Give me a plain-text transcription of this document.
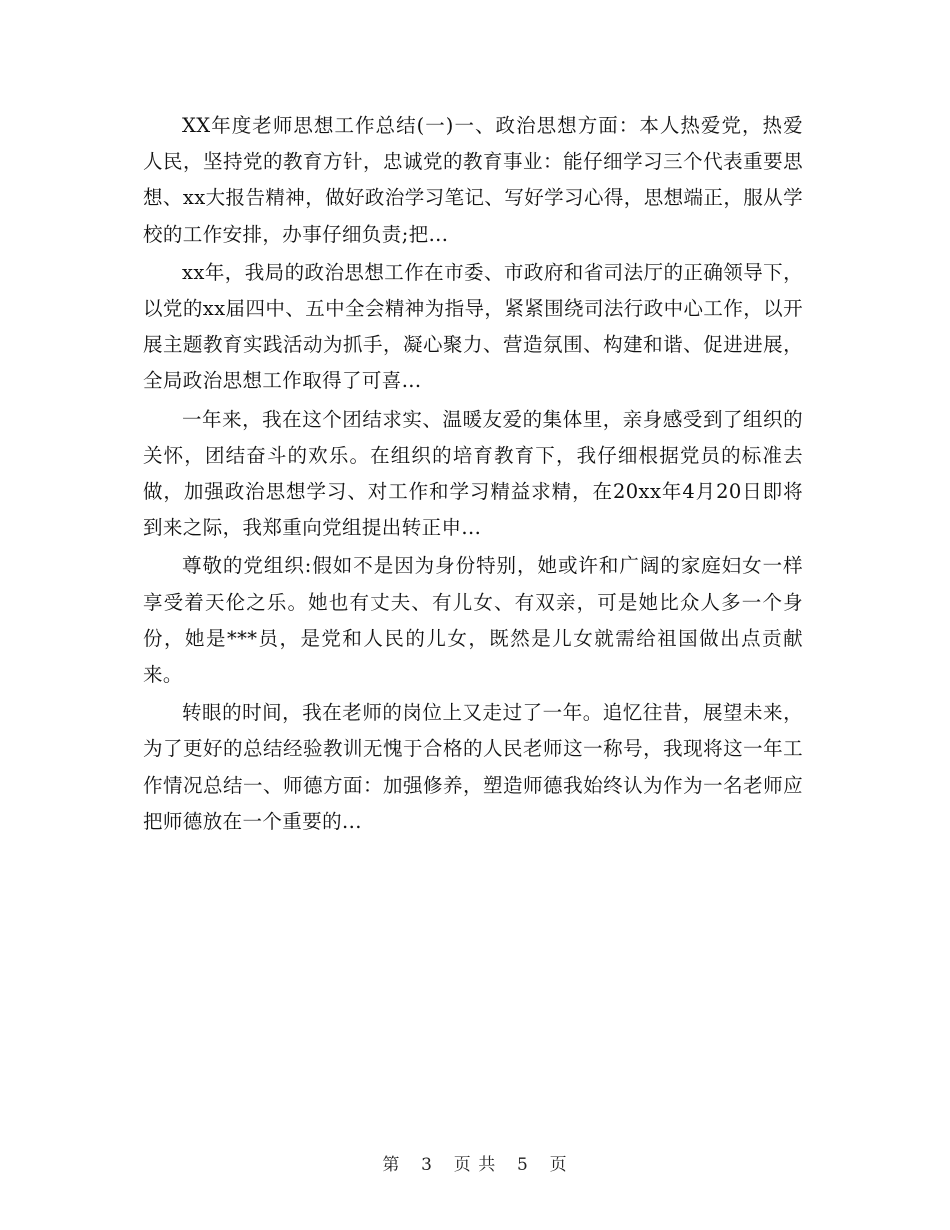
XX年度老师思想工作总结(一)一、政治思想方面：本人热爱党，热爱人民，坚持党的教育方针，忠诚党的教育事业：能仔细学习三个代表重要思想、xx大报告精神，做好政治学习笔记、写好学习心得，思想端正，服从学校的工作安排，办事仔细负责;把...

xx年，我局的政治思想工作在市委、市政府和省司法厅的正确领导下，以党的xx届四中、五中全会精神为指导，紧紧围绕司法行政中心工作，以开展主题教育实践活动为抓手，凝心聚力、营造氛围、构建和谐、促进进展，全局政治思想工作取得了可喜...

一年来，我在这个团结求实、温暖友爱的集体里，亲身感受到了组织的关怀，团结奋斗的欢乐。在组织的培育教育下，我仔细根据党员的标准去做，加强政治思想学习、对工作和学习精益求精，在20xx年4月20日即将到来之际，我郑重向党组提出转正申...

尊敬的党组织:假如不是因为身份特别，她或许和广阔的家庭妇女一样享受着天伦之乐。她也有丈夫、有儿女、有双亲，可是她比众人多一个身份，她是***员，是党和人民的儿女，既然是儿女就需给祖国做出点贡献来。

转眼的时间，我在老师的岗位上又走过了一年。追忆往昔，展望未来，为了更好的总结经验教训无愧于合格的人民老师这一称号，我现将这一年工作情况总结一、师德方面：加强修养，塑造师德我始终认为作为一名老师应把师德放在一个重要的...

第 3 页 共 5 页
